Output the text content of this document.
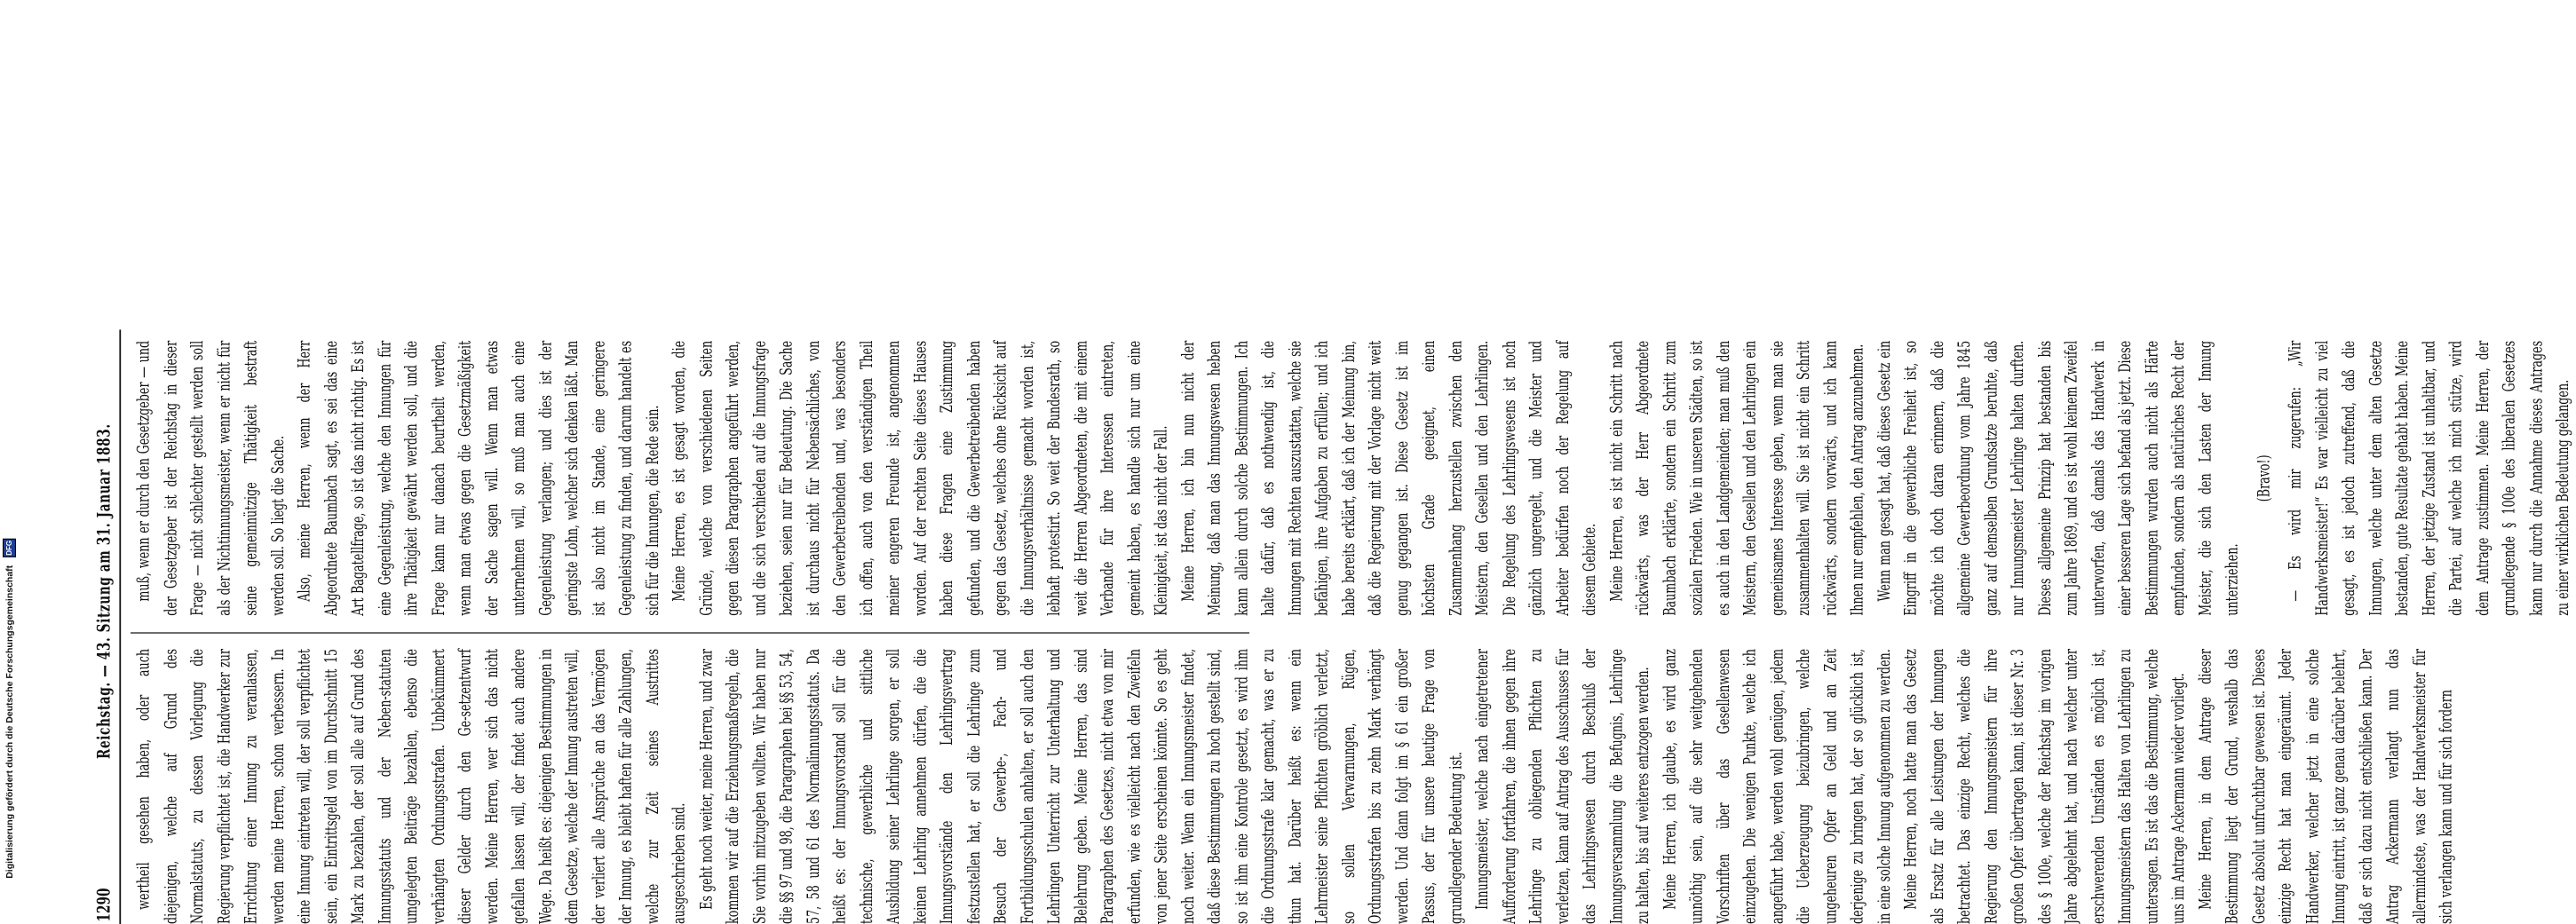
Digitalisierung gefördert durch die Deutsche Forschungsgemeinschaft DFG
1290
Reichstag. — 43. Sitzung am 31. Januar 1883.

wertheil gesehen haben, oder auch diejenigen, welche auf Grund des Normalstatuts, zu dessen Vorlegung die Regierung verpflichtet ist, die Handwerker zur Errichtung einer Innung zu veranlassen, werden meine Herren, schon verbessern. In eine Innung eintreten will, der soll verpflichtet sein, ein Eintrittsgeld von im Durchschnitt 15 Mark zu bezahlen, der soll alle auf Grund des Innungsstatuts und der Neben-statuten umgelegten Beiträge bezahlen, ebenso die verhängten Ordnungsstrafen. Unbekümmert dieser Gelder durch den Ge-setzentwurf werden. Meine Herren, wer sich das nicht gefallen lassen will, der findet auch andere Wege. Da heißt es: diejenigen Bestimmungen in dem Gesetze, welche der Innung austreten will, der verliert alle Ansprüche an das Vermögen der Innung, es bleibt haften für alle Zahlungen, welche zur Zeit seines Austrittes ausgeschrieben sind. Es geht noch weiter, meine Herren, und zwar kommen wir auf die Erziehungsmaßregeln, die Sie vorhin mitzugeben wollten. Wir haben nur die §§ 97 und 98, die Paragraphen bei §§ 53, 54, 57, 58 und 61 des Normalinnungsstatuts. Da heißt es: der Innungsvorstand soll für die technische, gewerbliche und sittliche Ausbildung seiner Lehrlinge sorgen, er soll keinen Lehrling annehmen dürfen, die die Innungsvorstände den Lehrlingsvertrag festzustellen hat, er soll die Lehrlinge zum Besuch der Gewerbe-, Fach- und Fortbildungsschulen anhalten, er soll auch den Lehrlingen Unterricht zur Unterhaltung und Belehrung geben. Meine Herren, das sind Paragraphen des Gesetzes, nicht etwa von mir erfunden, wie es vielleicht nach den Zweifeln von jener Seite erscheinen könnte. So es geht noch weiter. Wenn ein Innungsmeister findet, daß diese Bestimmungen zu hoch gestellt sind, so ist ihm eine Kontrole gesetzt, es wird ihm die Ordnungsstrafe klar gemacht, was er zu thun hat. Darüber heißt es: wenn ein Lehrmeister seine Pflichten gröblich verletzt, so sollen Verwarnungen, Rügen, Ordnungsstrafen bis zu zehn Mark verhängt werden. Und dann folgt im § 61 ein großer Passus, der für unsere heutige Frage von grundlegender Bedeutung ist. Innungsmeister, welche nach eingetretener Aufforderung fortfahren, die ihnen gegen ihre Lehrlinge zu obliegenden Pflichten zu verletzen, kann auf Antrag des Ausschusses für das Lehrlingswesen durch Beschluß der Innungsversammlung die Befugnis, Lehrlinge zu halten, bis auf weiteres entzogen werden. Meine Herren, ich glaube, es wird ganz unnöthig sein, auf die sehr weitgehenden Vorschriften über das Gesellenwesen einzugehen. Die wenigen Punkte, welche ich angeführt habe, werden wohl genügen, jedem die Ueberzeugung beizubringen, welche ungeheuren Opfer an Geld und an Zeit derjenige zu bringen hat, der so glücklich ist, in eine solche Innung aufgenommen zu werden. Meine Herren, noch hatte man das Gesetz als Ersatz für alle Leistungen der Innungen betrachtet. Das einzige Recht, welches die Regierung den Innungsmeistern für ihre großen Opfer übertragen kann, ist dieser Nr. 3 des § 100e, welche der Reichstag im vorigen Jahre abgelehnt hat, und nach welcher unter erschwerenden Umständen es möglich ist, Innungsmeistern das Halten von Lehrlingen zu untersagen. Es ist das die Bestimmung, welche uns im Antrage Ackermann wieder vorliegt. Meine Herren, in dem Antrage dieser Bestimmung liegt der Grund, weshalb das Gesetz absolut unfruchtbar gewesen ist. Dieses einzige Recht hat man eingeräumt. Jeder Handwerker, welcher jetzt in eine solche Innung eintritt, ist ganz genau darüber belehrt, daß er sich dazu nicht entschließen kann. Der Antrag Ackermann verlangt nun das allermindeste, was der Handwerksmeister für sich verlangen kann und für sich fordern

muß, wenn er durch den Gesetzgeber — und der Gesetzgeber ist der Reichstag in dieser Frage — nicht schlechter gestellt werden soll als der Nichtinnungsmeister, wenn er nicht für seine gemeinnützige Thätigkeit bestraft werden soll. So liegt die Sache. Also, meine Herren, wenn der Herr Abgeordnete Baumbach sagt, es sei das eine Art Bagatellfrage, so ist das nicht richtig. Es ist eine Gegenleistung, welche den Innungen für ihre Thätigkeit gewährt werden soll, und die Frage kann nur danach beurtheilt werden, wenn man etwas gegen die Gesetzmäßigkeit der Sache sagen will. Wenn man etwas unternehmen will, so muß man auch eine Gegenleistung verlangen; und dies ist der geringste Lohn, welcher sich denken läßt. Man ist also nicht im Stande, eine geringere Gegenleistung zu finden, und darum handelt es sich für die Innungen, die Rede sein. Meine Herren, es ist gesagt worden, die Gründe, welche von verschiedenen Seiten gegen diesen Paragraphen angeführt werden, und die sich verschieden auf die Innungsfrage beziehen, seien nur für Bedeutung. Die Sache ist durchaus nicht für Nebensächliches, von den Gewerbetreibenden und, was besonders ich offen, auch von den verständigen Theil meiner engeren Freunde ist, angenommen worden. Auf der rechten Seite dieses Hauses haben diese Fragen eine Zustimmung gefunden, und die Gewerbetreibenden haben gegen das Gesetz, welches ohne Rücksicht auf die Innungsverhältnisse gemacht worden ist, lebhaft protestirt. So weit der Bundesrath, so weit die Herren Abgeordneten, die mit einem Verbande für ihre Interessen eintreten, gemeint haben, es handle sich nur um eine Kleinigkeit, ist das nicht der Fall. Meine Herren, ich bin nun nicht der Meinung, daß man das Innungswesen heben kann allein durch solche Bestimmungen. Ich halte dafür, daß es nothwendig ist, die Innungen mit Rechten auszustatten, welche sie befähigen, ihre Aufgaben zu erfüllen; und ich habe bereits erklärt, daß ich der Meinung bin, daß die Regierung mit der Vorlage nicht weit genug gegangen ist. Diese Gesetz ist im höchsten Grade geeignet, einen Zusammenhang herzustellen zwischen den Meistern, den Gesellen und den Lehrlingen. Die Regelung des Lehrlingswesens ist noch gänzlich ungeregelt, und die Meister und Arbeiter bedürfen noch der Regelung auf diesem Gebiete. Meine Herren, es ist nicht ein Schritt nach rückwärts, was der Herr Abgeordnete Baumbach erklärte, sondern ein Schritt zum sozialen Frieden. Wie in unseren Städten, so ist es auch in den Landgemeinden; man muß den Meistern, den Gesellen und den Lehrlingen ein gemeinsames Interesse geben, wenn man sie zusammenhalten will. Sie ist nicht ein Schritt rückwärts, sondern vorwärts, und ich kann Ihnen nur empfehlen, den Antrag anzunehmen. Wenn man gesagt hat, daß dieses Gesetz ein Eingriff in die gewerbliche Freiheit ist, so möchte ich doch daran erinnern, daß die allgemeine Gewerbeordnung vom Jahre 1845 ganz auf demselben Grundsatze beruhte, daß nur Innungsmeister Lehrlinge halten durften. Dieses allgemeine Prinzip hat bestanden bis zum Jahre 1869, und es ist wohl keinem Zweifel unterworfen, daß damals das Handwerk in einer besseren Lage sich befand als jetzt. Diese Bestimmungen wurden auch nicht als Härte empfunden, sondern als natürliches Recht der Meister, die sich den Lasten der Innung unterziehen.

(Bravo!) — Es wird mir zugerufen: „Wir Handwerksmeister!“ Es war vielleicht zu viel gesagt, es ist jedoch zutreffend, daß die Innungen, welche unter dem alten Gesetze bestanden, gute Resultate gehabt haben. Meine Herren, der jetzige Zustand ist unhaltbar, und die Partei, auf welche ich mich stütze, wird dem Antrage zustimmen. Meine Herren, der grundlegende § 100e des liberalen Gesetzes kann nur durch die Annahme dieses Antrages zu einer wirklichen Bedeutung gelangen.
